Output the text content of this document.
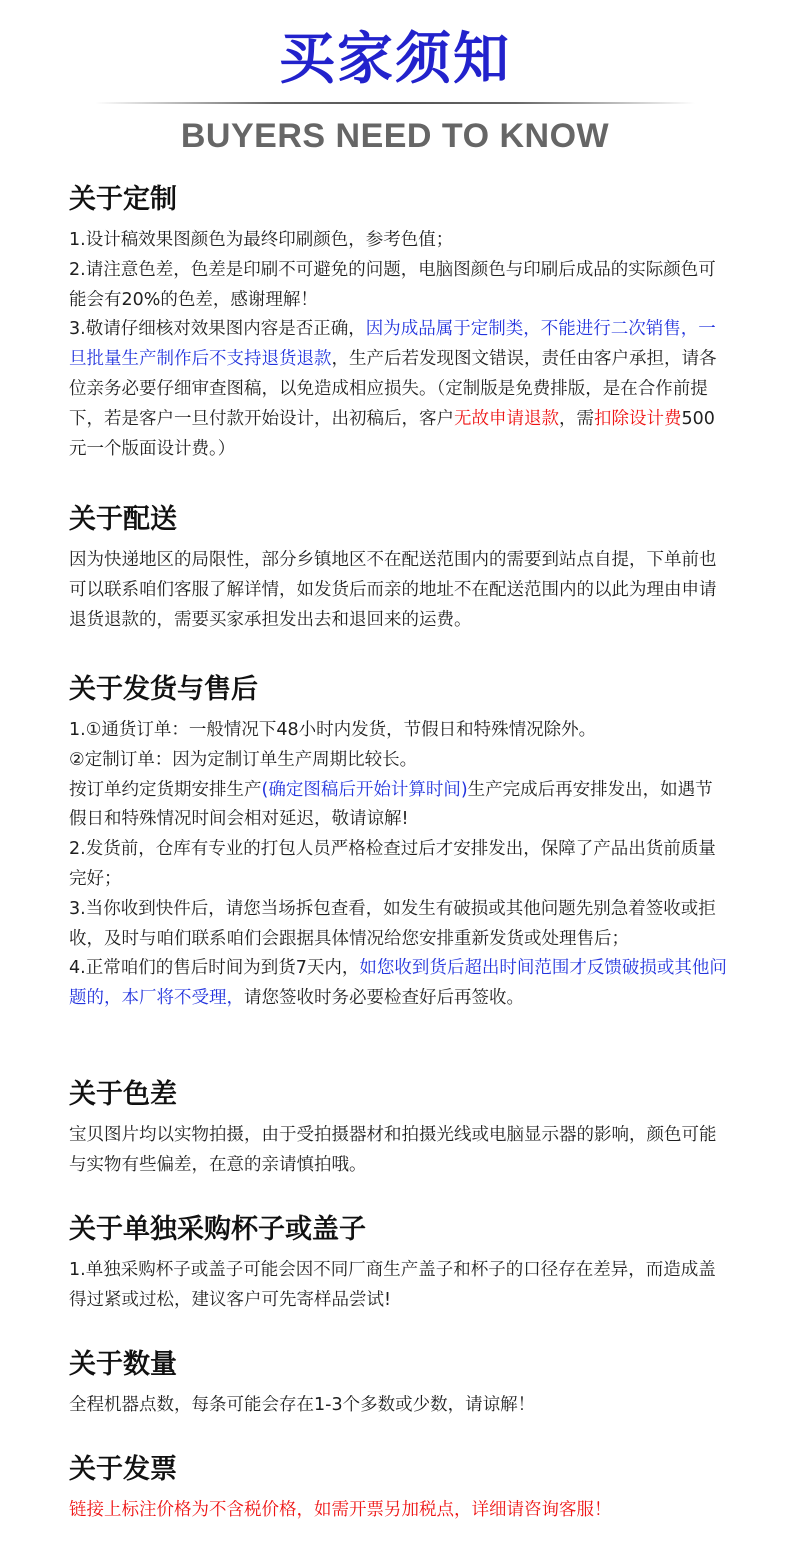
买家须知
BUYERS NEED TO KNOW
关于定制

1.设计稿效果图颜色为最终印刷颜色，参考色值；

2.请注意色差，色差是印刷不可避免的问题，电脑图颜色与印刷后成品的实际颜色可能会有20%的色差，感谢理解！

3.敬请仔细核对效果图内容是否正确，因为成品属于定制类，不能进行二次销售，一旦批量生产制作后不支持退货退款，生产后若发现图文错误，责任由客户承担，请各位亲务必要仔细审查图稿，以免造成相应损失。（定制版是免费排版，是在合作前提下，若是客户一旦付款开始设计，出初稿后，客户无故申请退款，需扣除设计费500元一个版面设计费。）

关于配送

因为快递地区的局限性，部分乡镇地区不在配送范围内的需要到站点自提，下单前也可以联系咱们客服了解详情，如发货后而亲的地址不在配送范围内的以此为理由申请退货退款的，需要买家承担发出去和退回来的运费。

关于发货与售后

1.①通货订单：一般情况下48小时内发货，节假日和特殊情况除外。

②定制订单：因为定制订单生产周期比较长。

按订单约定货期安排生产(确定图稿后开始计算时间)生产完成后再安排发出，如遇节假日和特殊情况时间会相对延迟，敬请谅解!

2.发货前，仓库有专业的打包人员严格检查过后才安排发出，保障了产品出货前质量完好；

3.当你收到快件后，请您当场拆包查看，如发生有破损或其他问题先别急着签收或拒收，及时与咱们联系咱们会跟据具体情况给您安排重新发货或处理售后；

4.正常咱们的售后时间为到货7天内，如您收到货后超出时间范围才反馈破损或其他问题的，本厂将不受理，请您签收时务必要检查好后再签收。

关于色差

宝贝图片均以实物拍摄，由于受拍摄器材和拍摄光线或电脑显示器的影响，颜色可能与实物有些偏差，在意的亲请慎拍哦。

关于单独采购杯子或盖子

1.单独采购杯子或盖子可能会因不同厂商生产盖子和杯子的口径存在差异，而造成盖得过紧或过松，建议客户可先寄样品尝试!

关于数量

全程机器点数，每条可能会存在1-3个多数或少数，请谅解！

关于发票

链接上标注价格为不含税价格，如需开票另加税点，详细请咨询客服！
